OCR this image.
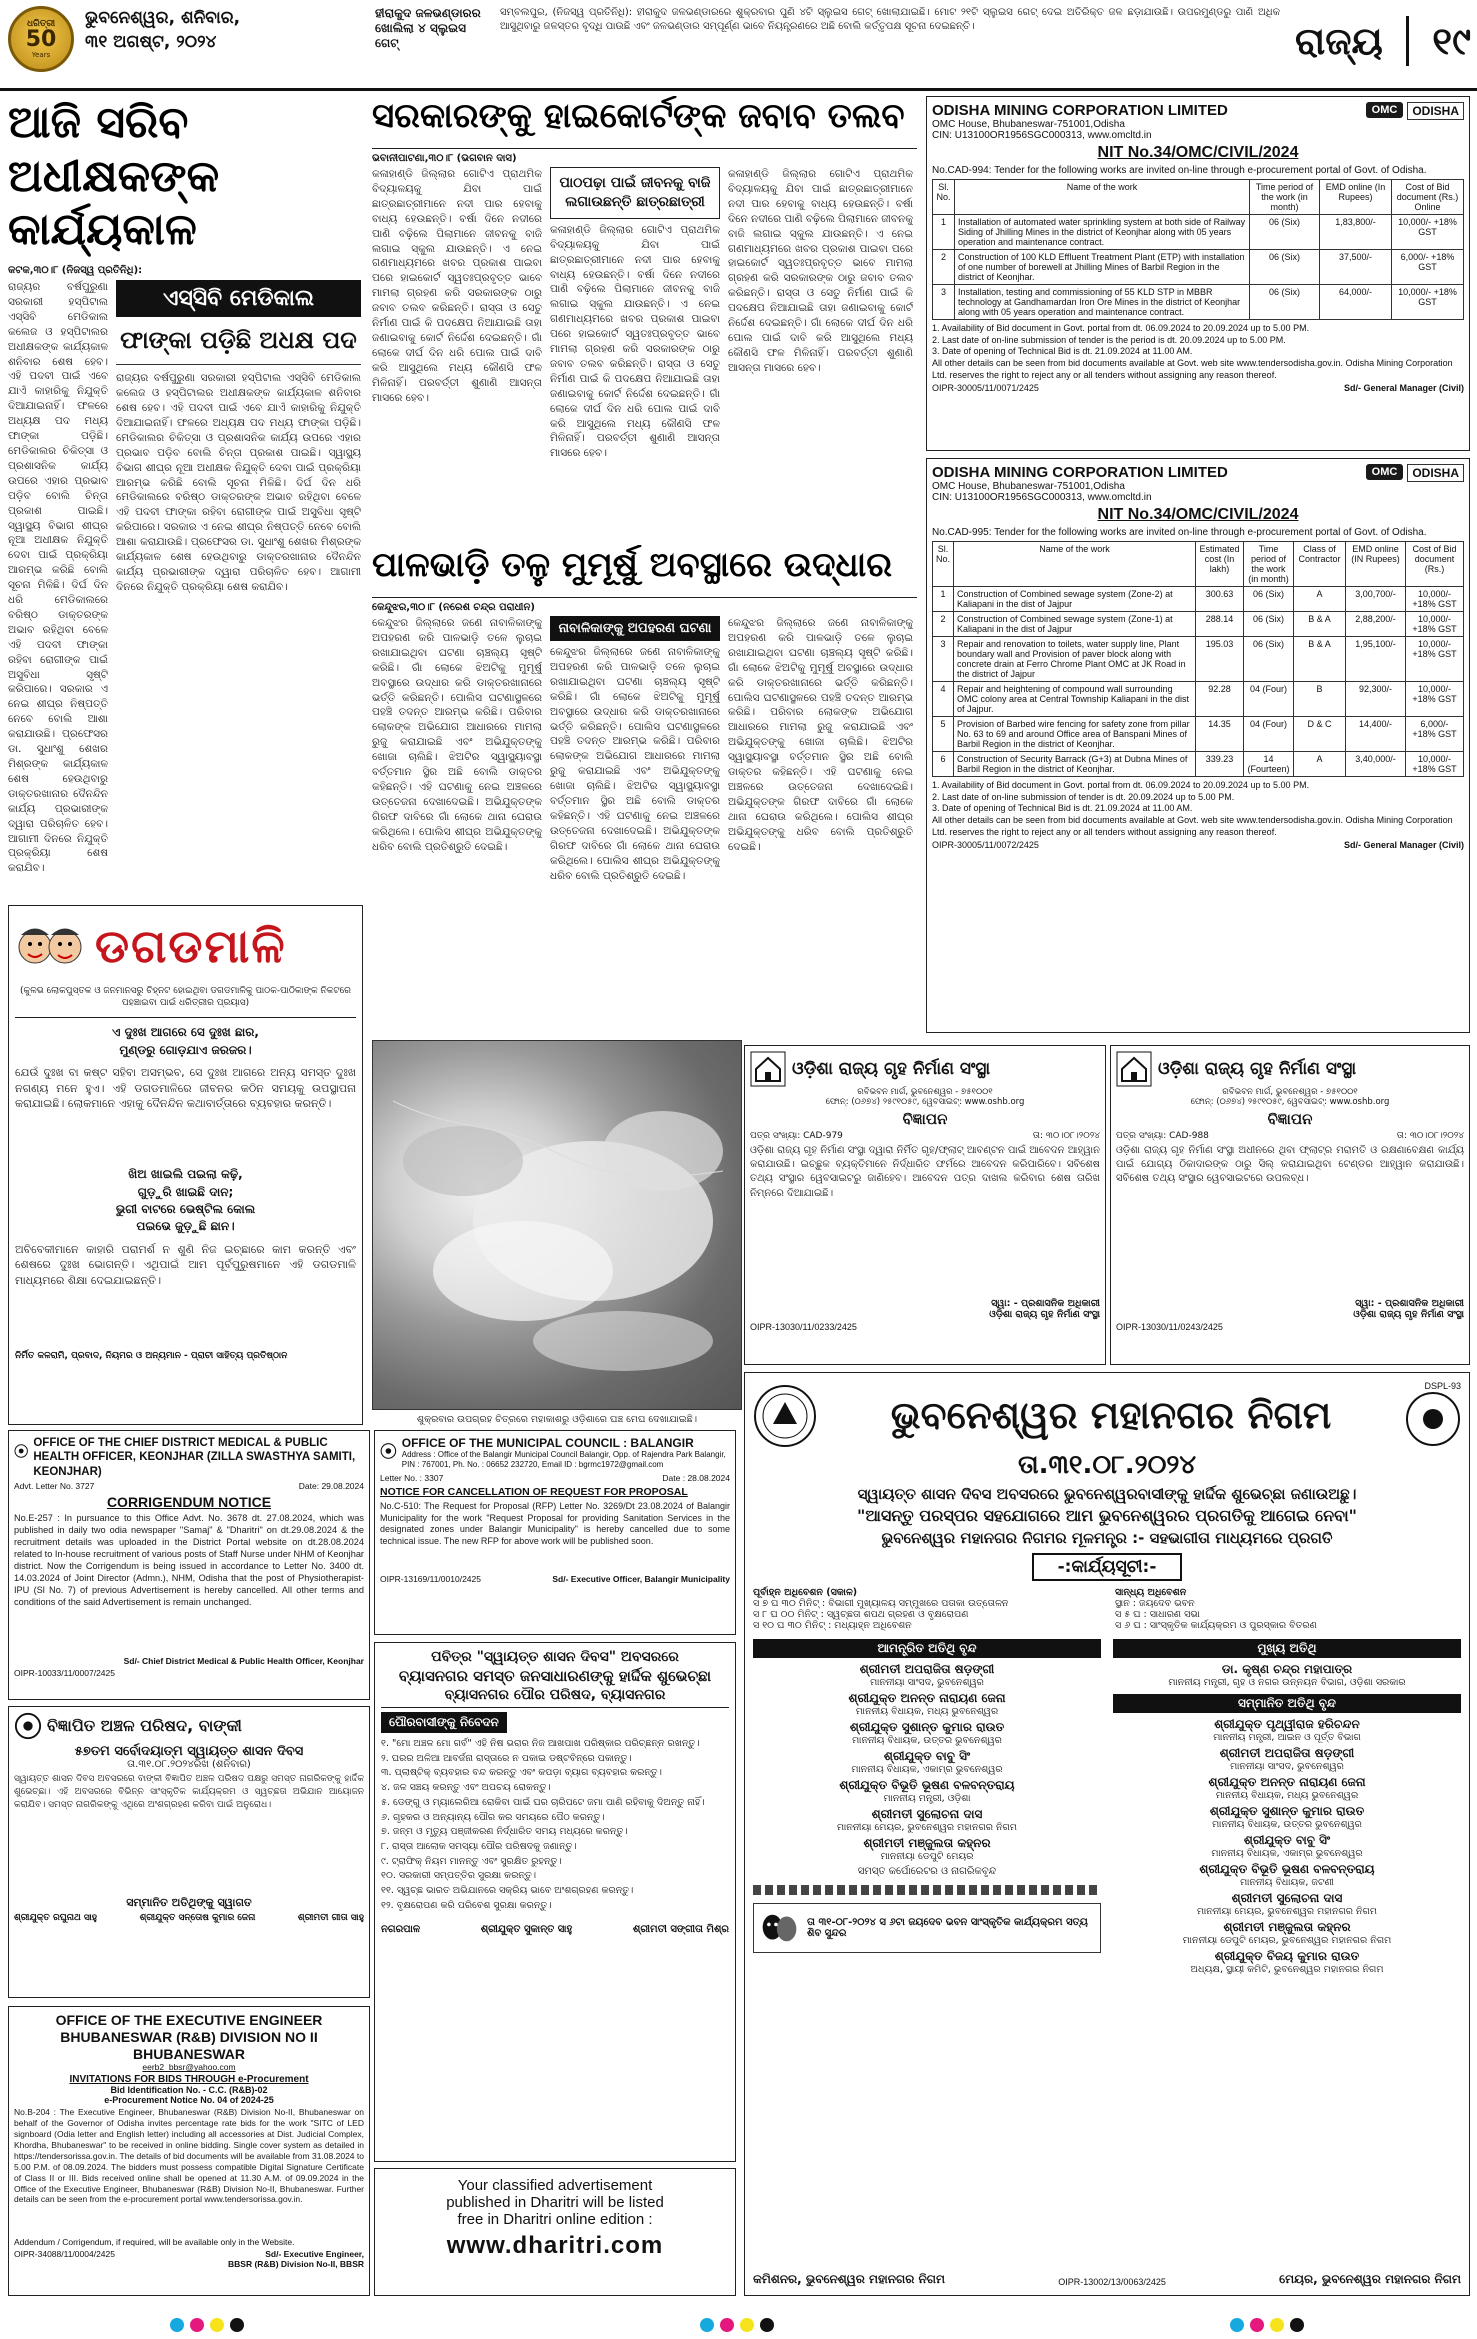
ଧରିତ୍ରୀ
50
Years
ଭୁବନେଶ୍ୱର, ଶନିବାର,
୩୧ ଅଗଷ୍ଟ, ୨୦୨୪
ହୀରାକୁଦ ଜଳଭଣ୍ଡାରର ଖୋଲିଲା ୪ ସ୍ଲୁଇସ ଗେଟ୍
ସମ୍ବଲପୁର, (ନିଜସ୍ୱ ପ୍ରତିନିଧି): ହୀରାକୁଦ ଜଳଭଣ୍ଡାରରେ ଶୁକ୍ରବାର ପୁଣି ୪ଟି ସ୍ଲୁଇସ ଗେଟ୍ ଖୋଲାଯାଇଛି। ମୋଟ ୨୧ଟି ସ୍ଲୁଇସ ଗେଟ୍ ଦେଇ ଅତିରିକ୍ତ ଜଳ ଛଡ଼ାଯାଉଛି। ଉପରମୁଣ୍ଡରୁ ପାଣି ଅଧିକ ଆସୁଥିବାରୁ ଜଳସ୍ତର ବୃଦ୍ଧି ପାଉଛି ଏବଂ ଜଳଭଣ୍ଡାର ସମ୍ପୂର୍ଣ୍ଣ ଭାବେ ନିୟନ୍ତ୍ରଣରେ ଅଛି ବୋଲି କର୍ତ୍ତୃପକ୍ଷ ସୂଚନା ଦେଇଛନ୍ତି।	ରାଜ୍ୟ ୧୯
ଆଜି ସରିବ ଅଧୀକ୍ଷକଙ୍କ କାର୍ଯ୍ୟକାଳ
କଟକ,୩୦।୮ (ନିଜସ୍ୱ ପ୍ରତିନିଧି):
ରାଜ୍ୟର ବର୍ଷପୁରୁଣା ସରକାରୀ ହସ୍ପିଟାଲ ଏସ୍‌ସିବି ମେଡିକାଲ କଲେଜ ଓ ହସ୍ପିଟାଲର ଅଧୀକ୍ଷକଙ୍କ କାର୍ଯ୍ୟକାଳ ଶନିବାର ଶେଷ ହେବ। ଏହି ପଦବୀ ପାଇଁ ଏବେ ଯାଏଁ କାହାରିକୁ ନିଯୁକ୍ତି ଦିଆଯାଇନାହିଁ। ଫଳରେ ଅଧ୍ୟକ୍ଷ ପଦ ମଧ୍ୟ ଫାଙ୍କା ପଡ଼ିଛି। ମେଡିକାଲର ଚିକିତ୍ସା ଓ ପ୍ରଶାସନିକ କାର୍ଯ୍ୟ ଉପରେ ଏହାର ପ୍ରଭାବ ପଡ଼ିବ ବୋଲି ଚିନ୍ତା ପ୍ରକାଶ ପାଇଛି। ସ୍ୱାସ୍ଥ୍ୟ ବିଭାଗ ଶୀଘ୍ର ନୂଆ ଅଧୀକ୍ଷକ ନିଯୁକ୍ତି ଦେବା ପାଇଁ ପ୍ରକ୍ରିୟା ଆରମ୍ଭ କରିଛି ବୋଲି ସୂଚନା ମିଳିଛି। ଦିର୍ଘ ଦିନ ଧରି ମେଡିକାଲରେ ବରିଷ୍ଠ ଡାକ୍ତରଙ୍କ ଅଭାବ ରହିଥିବା ବେଳେ ଏହି ପଦବୀ ଫାଙ୍କା ରହିବା ରୋଗୀଙ୍କ ପାଇଁ ଅସୁବିଧା ସୃଷ୍ଟି କରିପାରେ। ସରକାର ଏ ନେଇ ଶୀଘ୍ର ନିଷ୍ପତ୍ତି ନେବେ ବୋଲି ଆଶା କରାଯାଉଛି। ପ୍ରଫେସର ଡା. ସୁଧାଂଶୁ ଶେଖର ମିଶ୍ରଙ୍କ କାର୍ଯ୍ୟକାଳ ଶେଷ ହେଉଥିବାରୁ ଡାକ୍ତରଖାନାର ଦୈନନ୍ଦିନ କାର୍ଯ୍ୟ ପ୍ରଭାରୀଙ୍କ ଦ୍ୱାରା ପରିଚାଳିତ ହେବ। ଆଗାମୀ ଦିନରେ ନିଯୁକ୍ତି ପ୍ରକ୍ରିୟା ଶେଷ କରାଯିବ।
ଏସ୍‌ସିବି ମେଡିକାଲ
ଫାଙ୍କା ପଡ଼ିଛି ଅଧକ୍ଷ ପଦ
ରାଜ୍ୟର ବର୍ଷପୁରୁଣା ସରକାରୀ ହସ୍ପିଟାଲ ଏସ୍‌ସିବି ମେଡିକାଲ କଲେଜ ଓ ହସ୍ପିଟାଲର ଅଧୀକ୍ଷକଙ୍କ କାର୍ଯ୍ୟକାଳ ଶନିବାର ଶେଷ ହେବ। ଏହି ପଦବୀ ପାଇଁ ଏବେ ଯାଏଁ କାହାରିକୁ ନିଯୁକ୍ତି ଦିଆଯାଇନାହିଁ। ଫଳରେ ଅଧ୍ୟକ୍ଷ ପଦ ମଧ୍ୟ ଫାଙ୍କା ପଡ଼ିଛି। ମେଡିକାଲର ଚିକିତ୍ସା ଓ ପ୍ରଶାସନିକ କାର୍ଯ୍ୟ ଉପରେ ଏହାର ପ୍ରଭାବ ପଡ଼ିବ ବୋଲି ଚିନ୍ତା ପ୍ରକାଶ ପାଇଛି। ସ୍ୱାସ୍ଥ୍ୟ ବିଭାଗ ଶୀଘ୍ର ନୂଆ ଅଧୀକ୍ଷକ ନିଯୁକ୍ତି ଦେବା ପାଇଁ ପ୍ରକ୍ରିୟା ଆରମ୍ଭ କରିଛି ବୋଲି ସୂଚନା ମିଳିଛି। ଦିର୍ଘ ଦିନ ଧରି ମେଡିକାଲରେ ବରିଷ୍ଠ ଡାକ୍ତରଙ୍କ ଅଭାବ ରହିଥିବା ବେଳେ ଏହି ପଦବୀ ଫାଙ୍କା ରହିବା ରୋଗୀଙ୍କ ପାଇଁ ଅସୁବିଧା ସୃଷ୍ଟି କରିପାରେ। ସରକାର ଏ ନେଇ ଶୀଘ୍ର ନିଷ୍ପତ୍ତି ନେବେ ବୋଲି ଆଶା କରାଯାଉଛି। ପ୍ରଫେସର ଡା. ସୁଧାଂଶୁ ଶେଖର ମିଶ୍ରଙ୍କ କାର୍ଯ୍ୟକାଳ ଶେଷ ହେଉଥିବାରୁ ଡାକ୍ତରଖାନାର ଦୈନନ୍ଦିନ କାର୍ଯ୍ୟ ପ୍ରଭାରୀଙ୍କ ଦ୍ୱାରା ପରିଚାଳିତ ହେବ। ଆଗାମୀ ଦିନରେ ନିଯୁକ୍ତି ପ୍ରକ୍ରିୟା ଶେଷ କରାଯିବ।
ସରକାରଙ୍କୁ ହାଇକୋର୍ଟଙ୍କ ଜବାବ ତଲବ
ଭବାନୀପାଟଣା,୩୦।୮ (ଭଗବାନ ଦାସ)
କଳାହାଣ୍ଡି ଜିଲ୍ଲାର ଗୋଟିଏ ପ୍ରାଥମିକ ବିଦ୍ୟାଳୟକୁ ଯିବା ପାଇଁ ଛାତ୍ରଛାତ୍ରୀମାନେ ନଦୀ ପାର ହେବାକୁ ବାଧ୍ୟ ହେଉଛନ୍ତି। ବର୍ଷା ଦିନେ ନଦୀରେ ପାଣି ବଢ଼ିଲେ ପିଲାମାନେ ଜୀବନକୁ ବାଜି ଲଗାଇ ସ୍କୁଲ ଯାଉଛନ୍ତି। ଏ ନେଇ ଗଣମାଧ୍ୟମରେ ଖବର ପ୍ରକାଶ ପାଇବା ପରେ ହାଇକୋର୍ଟ ସ୍ୱତଃପ୍ରବୃତ୍ତ ଭାବେ ମାମଲା ଗ୍ରହଣ କରି ସରକାରଙ୍କ ଠାରୁ ଜବାବ ତଲବ କରିଛନ୍ତି। ରାସ୍ତା ଓ ସେତୁ ନିର୍ମାଣ ପାଇଁ କି ପଦକ୍ଷେପ ନିଆଯାଇଛି ତାହା ଜଣାଇବାକୁ କୋର୍ଟ ନିର୍ଦ୍ଦେଶ ଦେଇଛନ୍ତି। ଗାଁ ଲୋକେ ଦୀର୍ଘ ଦିନ ଧରି ପୋଲ ପାଇଁ ଦାବି କରି ଆସୁଥିଲେ ମଧ୍ୟ କୌଣସି ଫଳ ମିଳିନାହିଁ। ପରବର୍ତ୍ତୀ ଶୁଣାଣି ଆସନ୍ତା ମାସରେ ହେବ।
ପାଠପଢ଼ା ପାଇଁ ଜୀବନକୁ ବାଜି ଲଗାଉଛନ୍ତି ଛାତ୍ରଛାତ୍ରୀ
କଳାହାଣ୍ଡି ଜିଲ୍ଲାର ଗୋଟିଏ ପ୍ରାଥମିକ ବିଦ୍ୟାଳୟକୁ ଯିବା ପାଇଁ ଛାତ୍ରଛାତ୍ରୀମାନେ ନଦୀ ପାର ହେବାକୁ ବାଧ୍ୟ ହେଉଛନ୍ତି। ବର୍ଷା ଦିନେ ନଦୀରେ ପାଣି ବଢ଼ିଲେ ପିଲାମାନେ ଜୀବନକୁ ବାଜି ଲଗାଇ ସ୍କୁଲ ଯାଉଛନ୍ତି। ଏ ନେଇ ଗଣମାଧ୍ୟମରେ ଖବର ପ୍ରକାଶ ପାଇବା ପରେ ହାଇକୋର୍ଟ ସ୍ୱତଃପ୍ରବୃତ୍ତ ଭାବେ ମାମଲା ଗ୍ରହଣ କରି ସରକାରଙ୍କ ଠାରୁ ଜବାବ ତଲବ କରିଛନ୍ତି। ରାସ୍ତା ଓ ସେତୁ ନିର୍ମାଣ ପାଇଁ କି ପଦକ୍ଷେପ ନିଆଯାଇଛି ତାହା ଜଣାଇବାକୁ କୋର୍ଟ ନିର୍ଦ୍ଦେଶ ଦେଇଛନ୍ତି। ଗାଁ ଲୋକେ ଦୀର୍ଘ ଦିନ ଧରି ପୋଲ ପାଇଁ ଦାବି କରି ଆସୁଥିଲେ ମଧ୍ୟ କୌଣସି ଫଳ ମିଳିନାହିଁ। ପରବର୍ତ୍ତୀ ଶୁଣାଣି ଆସନ୍ତା ମାସରେ ହେବ।
କଳାହାଣ୍ଡି ଜିଲ୍ଲାର ଗୋଟିଏ ପ୍ରାଥମିକ ବିଦ୍ୟାଳୟକୁ ଯିବା ପାଇଁ ଛାତ୍ରଛାତ୍ରୀମାନେ ନଦୀ ପାର ହେବାକୁ ବାଧ୍ୟ ହେଉଛନ୍ତି। ବର୍ଷା ଦିନେ ନଦୀରେ ପାଣି ବଢ଼ିଲେ ପିଲାମାନେ ଜୀବନକୁ ବାଜି ଲଗାଇ ସ୍କୁଲ ଯାଉଛନ୍ତି। ଏ ନେଇ ଗଣମାଧ୍ୟମରେ ଖବର ପ୍ରକାଶ ପାଇବା ପରେ ହାଇକୋର୍ଟ ସ୍ୱତଃପ୍ରବୃତ୍ତ ଭାବେ ମାମଲା ଗ୍ରହଣ କରି ସରକାରଙ୍କ ଠାରୁ ଜବାବ ତଲବ କରିଛନ୍ତି। ରାସ୍ତା ଓ ସେତୁ ନିର୍ମାଣ ପାଇଁ କି ପଦକ୍ଷେପ ନିଆଯାଇଛି ତାହା ଜଣାଇବାକୁ କୋର୍ଟ ନିର୍ଦ୍ଦେଶ ଦେଇଛନ୍ତି। ଗାଁ ଲୋକେ ଦୀର୍ଘ ଦିନ ଧରି ପୋଲ ପାଇଁ ଦାବି କରି ଆସୁଥିଲେ ମଧ୍ୟ କୌଣସି ଫଳ ମିଳିନାହିଁ। ପରବର୍ତ୍ତୀ ଶୁଣାଣି ଆସନ୍ତା ମାସରେ ହେବ।
ପାଳଭାଡ଼ି ତଳୁ ମୁମୂର୍ଷୁ ଅବସ୍ଥାରେ ଉଦ୍ଧାର
କେନ୍ଦୁଝର,୩୦।୮ (ନରେଶ ଚନ୍ଦ୍ର ପରାଧୀନ)
କେନ୍ଦୁଝର ଜିଲ୍ଲାରେ ଜଣେ ନାବାଳିକାଙ୍କୁ ଅପହରଣ କରି ପାଳଭାଡ଼ି ତଳେ ଲୁଚାଇ ରଖାଯାଇଥିବା ଘଟଣା ଚାଞ୍ଚଲ୍ୟ ସୃଷ୍ଟି କରିଛି। ଗାଁ ଲୋକେ ଝିଅଟିକୁ ମୁମୂର୍ଷୁ ଅବସ୍ଥାରେ ଉଦ୍ଧାର କରି ଡାକ୍ତରଖାନାରେ ଭର୍ତ୍ତି କରିଛନ୍ତି। ପୋଲିସ ଘଟଣାସ୍ଥଳରେ ପହଞ୍ଚି ତଦନ୍ତ ଆରମ୍ଭ କରିଛି। ପରିବାର ଲୋକଙ୍କ ଅଭିଯୋଗ ଆଧାରରେ ମାମଲା ରୁଜୁ କରାଯାଇଛି ଏବଂ ଅଭିଯୁକ୍ତଙ୍କୁ ଖୋଜା ଚାଲିଛି। ଝିଅଟିର ସ୍ୱାସ୍ଥ୍ୟାବସ୍ଥା ବର୍ତ୍ତମାନ ସ୍ଥିର ଅଛି ବୋଲି ଡାକ୍ତର କହିଛନ୍ତି। ଏହି ଘଟଣାକୁ ନେଇ ଅଞ୍ଚଳରେ ଉତ୍ତେଜନା ଦେଖାଦେଇଛି। ଅଭିଯୁକ୍ତଙ୍କ ଗିରଫ ଦାବିରେ ଗାଁ ଲୋକେ ଥାନା ଘେରାଉ କରିଥିଲେ। ପୋଲିସ ଶୀଘ୍ର ଅଭିଯୁକ୍ତଙ୍କୁ ଧରିବ ବୋଲି ପ୍ରତିଶ୍ରୁତି ଦେଇଛି।
ନାବାଳିକାଙ୍କୁ ଅପହରଣ ଘଟଣା
କେନ୍ଦୁଝର ଜିଲ୍ଲାରେ ଜଣେ ନାବାଳିକାଙ୍କୁ ଅପହରଣ କରି ପାଳଭାଡ଼ି ତଳେ ଲୁଚାଇ ରଖାଯାଇଥିବା ଘଟଣା ଚାଞ୍ଚଲ୍ୟ ସୃଷ୍ଟି କରିଛି। ଗାଁ ଲୋକେ ଝିଅଟିକୁ ମୁମୂର୍ଷୁ ଅବସ୍ଥାରେ ଉଦ୍ଧାର କରି ଡାକ୍ତରଖାନାରେ ଭର୍ତ୍ତି କରିଛନ୍ତି। ପୋଲିସ ଘଟଣାସ୍ଥଳରେ ପହଞ୍ଚି ତଦନ୍ତ ଆରମ୍ଭ କରିଛି। ପରିବାର ଲୋକଙ୍କ ଅଭିଯୋଗ ଆଧାରରେ ମାମଲା ରୁଜୁ କରାଯାଇଛି ଏବଂ ଅଭିଯୁକ୍ତଙ୍କୁ ଖୋଜା ଚାଲିଛି। ଝିଅଟିର ସ୍ୱାସ୍ଥ୍ୟାବସ୍ଥା ବର୍ତ୍ତମାନ ସ୍ଥିର ଅଛି ବୋଲି ଡାକ୍ତର କହିଛନ୍ତି। ଏହି ଘଟଣାକୁ ନେଇ ଅଞ୍ଚଳରେ ଉତ୍ତେଜନା ଦେଖାଦେଇଛି। ଅଭିଯୁକ୍ତଙ୍କ ଗିରଫ ଦାବିରେ ଗାଁ ଲୋକେ ଥାନା ଘେରାଉ କରିଥିଲେ। ପୋଲିସ ଶୀଘ୍ର ଅଭିଯୁକ୍ତଙ୍କୁ ଧରିବ ବୋଲି ପ୍ରତିଶ୍ରୁତି ଦେଇଛି।
କେନ୍ଦୁଝର ଜିଲ୍ଲାରେ ଜଣେ ନାବାଳିକାଙ୍କୁ ଅପହରଣ କରି ପାଳଭାଡ଼ି ତଳେ ଲୁଚାଇ ରଖାଯାଇଥିବା ଘଟଣା ଚାଞ୍ଚଲ୍ୟ ସୃଷ୍ଟି କରିଛି। ଗାଁ ଲୋକେ ଝିଅଟିକୁ ମୁମୂର୍ଷୁ ଅବସ୍ଥାରେ ଉଦ୍ଧାର କରି ଡାକ୍ତରଖାନାରେ ଭର୍ତ୍ତି କରିଛନ୍ତି। ପୋଲିସ ଘଟଣାସ୍ଥଳରେ ପହଞ୍ଚି ତଦନ୍ତ ଆରମ୍ଭ କରିଛି। ପରିବାର ଲୋକଙ୍କ ଅଭିଯୋଗ ଆଧାରରେ ମାମଲା ରୁଜୁ କରାଯାଇଛି ଏବଂ ଅଭିଯୁକ୍ତଙ୍କୁ ଖୋଜା ଚାଲିଛି। ଝିଅଟିର ସ୍ୱାସ୍ଥ୍ୟାବସ୍ଥା ବର୍ତ୍ତମାନ ସ୍ଥିର ଅଛି ବୋଲି ଡାକ୍ତର କହିଛନ୍ତି। ଏହି ଘଟଣାକୁ ନେଇ ଅଞ୍ଚଳରେ ଉତ୍ତେଜନା ଦେଖାଦେଇଛି। ଅଭିଯୁକ୍ତଙ୍କ ଗିରଫ ଦାବିରେ ଗାଁ ଲୋକେ ଥାନା ଘେରାଉ କରିଥିଲେ। ପୋଲିସ ଶୀଘ୍ର ଅଭିଯୁକ୍ତଙ୍କୁ ଧରିବ ବୋଲି ପ୍ରତିଶ୍ରୁତି ଦେଇଛି।
ଡଗଡମାଳି
(କୁଳଭ ଲୋକପୁସ୍ତକ ଓ ଜନମାନସରୁ ଚିହ୍ନଟ ହୋଇଥିବା ଡଗଡମାଳିକୁ ପାଠକ-ପାଠିକାଙ୍କ ନିକଟରେ ପହଞ୍ଚାଇବା ପାଇଁ ଧରିତ୍ରୀର ପ୍ରୟାସ)
ଏ ଦୁଃଖ ଆଗରେ ସେ ଦୁଃଖ ଛାର,
ମୁଣ୍ଡରୁ ଗୋଡ଼ଯାଏ ଜରଜର।
ଯେଉଁ ଦୁଃଖ ବା କଷ୍ଟ ସହିବା ଅସମ୍ଭବ, ସେ ଦୁଃଖ ଆଗରେ ଅନ୍ୟ ସମସ୍ତ ଦୁଃଖ ନଗଣ୍ୟ ମନେ ହୁଏ। ଏହି ଡଗଡମାଳିରେ ଜୀବନର କଠିନ ସମୟକୁ ଉପସ୍ଥାପନା କରାଯାଇଛି। ଲୋକମାନେ ଏହାକୁ ଦୈନନ୍ଦିନ କଥାବାର୍ତ୍ତାରେ ବ୍ୟବହାର କରନ୍ତି।
ଖିଅ ଖାଇଲି ପଇଲା କଢ଼ି,
ଗୁଡ଼ୁରି ଖାଇଛି ଦାନ;
ଭୁଗୀ ବାଟରେ ଭେଷ୍ଟିଲ କୋଲ
ପଇଭେ ଜୁଡ଼ୁଛି ଛାନ।
ଅବିବେକୀମାନେ କାହାରି ପରାମର୍ଶ ନ ଶୁଣି ନିଜ ଇଚ୍ଛାରେ କାମ କରନ୍ତି ଏବଂ ଶେଷରେ ଦୁଃଖ ଭୋଗନ୍ତି। ଏଥିପାଇଁ ଆମ ପୂର୍ବପୁରୁଷମାନେ ଏହି ଡଗଡମାଳି ମାଧ୍ୟମରେ ଶିକ୍ଷା ଦେଇଯାଇଛନ୍ତି।
ନିର୍ମିତ କଳରାମି, ପ୍ରବାଦ, ନିୟମର ଓ ଅନ୍ୟମାନ - ପ୍ରାଚୀ ସାହିତ୍ୟ ପ୍ରତିଷ୍ଠାନ
ଶୁକ୍ରବାର ଉପଗ୍ରହ ଚିତ୍ରରେ ମହାକାଶରୁ ଓଡ଼ିଶାରେ ଘଞ୍ଚ ମେଘ ଦେଖାଯାଇଛି।
ODISHA MINING CORPORATION LIMITED
OMC House, Bhubaneswar-751001,Odisha
CIN: U13100OR1956SGC000313, www.omcltd.in
OMC	ODISHA
NIT No.34/OMC/CIVIL/2024
No.CAD-994: Tender for the following works are invited on-line through e-procurement portal of Govt. of Odisha.
Sl. No.	Name of the work	Time period of the work (in month)	EMD online (In Rupees)	Cost of Bid document (Rs.) Online
1	Installation of automated water sprinkling system at both side of Railway Siding of Jhilling Mines in the district of Keonjhar along with 05 years operation and maintenance contract.	06 (Six)	1,83,800/-	10,000/- +18% GST
2	Construction of 100 KLD Effluent Treatment Plant (ETP) with installation of one number of borewell at Jhilling Mines of Barbil Region in the district of Keonjhar.	06 (Six)	37,500/-	6,000/- +18% GST
3	Installation, testing and commissioning of 55 KLD STP in MBBR technology at Gandhamardan Iron Ore Mines in the district of Keonjhar along with 05 years operation and maintenance contract.	06 (Six)	64,000/-	10,000/- +18% GST
1. Availability of Bid document in Govt. portal from dt. 06.09.2024 to 20.09.2024 up to 5.00 PM.
2. Last date of on-line submission of tender is the period is dt. 20.09.2024 up to 5.00 PM.
3. Date of opening of Technical Bid is dt. 21.09.2024 at 11.00 AM.
All other details can be seen from bid documents available at Govt. web site www.tendersodisha.gov.in. Odisha Mining Corporation Ltd. reserves the right to reject any or all tenders without assigning any reason thereof.
OIPR-30005/11/0071/2425	Sd/- General Manager (Civil)
ODISHA MINING CORPORATION LIMITED
OMC House, Bhubaneswar-751001,Odisha
CIN: U13100OR1956SGC000313, www.omcltd.in
OMC	ODISHA
NIT No.34/OMC/CIVIL/2024
No.CAD-995: Tender for the following works are invited on-line through e-procurement portal of Govt. of Odisha.
Sl. No.	Name of the work	Estimated cost (In lakh)	Time period of the work (in month)	Class of Contractor	EMD online (IN Rupees)	Cost of Bid document (Rs.)
1	Construction of Combined sewage system (Zone-2) at Kaliapani in the dist of Jajpur	300.63	06 (Six)	A	3,00,700/-	10,000/- +18% GST
2	Construction of Combined sewage system (Zone-1) at Kaliapani in the dist of Jajpur	288.14	06 (Six)	B & A	2,88,200/-	10,000/- +18% GST
3	Repair and renovation to toilets, water supply line, Plant boundary wall and Provision of paver block along with concrete drain at Ferro Chrome Plant OMC at JK Road in the district of Jajpur	195.03	06 (Six)	B & A	1,95,100/-	10,000/- +18% GST
4	Repair and heightening of compound wall surrounding OMC colony area at Central Township Kaliapani in the dist of Jajpur.	92.28	04 (Four)	B	92,300/-	10,000/- +18% GST
5	Provision of Barbed wire fencing for safety zone from pillar No. 63 to 69 and around Office area of Banspani Mines of Barbil Region in the district of Keonjhar.	14.35	04 (Four)	D & C	14,400/-	6,000/- +18% GST
6	Construction of Security Barrack (G+3) at Dubna Mines of Barbil Region in the district of Keonjhar.	339.23	14 (Fourteen)	A	3,40,000/-	10,000/- +18% GST
1. Availability of Bid document in Govt. portal from dt. 06.09.2024 to 20.09.2024 up to 5.00 PM.
2. Last date of on-line submission of tender is dt. 20.09.2024 up to 5.00 PM.
3. Date of opening of Technical Bid is dt. 21.09.2024 at 11.00 AM.
All other details can be seen from bid documents available at Govt. web site www.tendersodisha.gov.in. Odisha Mining Corporation Ltd. reserves the right to reject any or all tenders without assigning any reason thereof.
OIPR-30005/11/0072/2425	Sd/- General Manager (Civil)
ଓଡ଼ିଶା ରାଜ୍ୟ ଗୃହ ନିର୍ମାଣ ସଂସ୍ଥା
ରବିଭବନ ମାର୍ଗ, ଭୁବନେଶ୍ୱର - ୭୫୧୦୦୧
ଫୋନ୍: (୦୬୭୪) ୨୫୯୧୦୫୯, ୱେବସାଇଟ୍: www.oshb.org
ବିଜ୍ଞାପନ
ପତ୍ର ସଂଖ୍ୟା: CAD-979	ତା: ୩୦।୦୮।୨୦୨୪
ଓଡ଼ିଶା ରାଜ୍ୟ ଗୃହ ନିର୍ମାଣ ସଂସ୍ଥା ଦ୍ୱାରା ନିର୍ମିତ ଗୃହ/ଫ୍ଲାଟ୍ ଆବଣ୍ଟନ ପାଇଁ ଆବେଦନ ଆହ୍ୱାନ କରାଯାଉଛି। ଇଚ୍ଛୁକ ବ୍ୟକ୍ତିମାନେ ନିର୍ଦ୍ଧାରିତ ଫର୍ମରେ ଆବେଦନ କରିପାରିବେ। ସବିଶେଷ ତଥ୍ୟ ସଂସ୍ଥାର ୱେବସାଇଟରୁ ଜାଣିହେବ। ଆବେଦନ ପତ୍ର ଦାଖଲ କରିବାର ଶେଷ ତାରିଖ ନିମ୍ନରେ ଦିଆଯାଇଛି।
ସ୍ୱା: - ପ୍ରଶାସନିକ ଅଧିକାରୀ
ଓଡ଼ିଶା ରାଜ୍ୟ ଗୃହ ନିର୍ମାଣ ସଂସ୍ଥା
OIPR-13030/11/0233/2425
ଓଡ଼ିଶା ରାଜ୍ୟ ଗୃହ ନିର୍ମାଣ ସଂସ୍ଥା
ରବିଭବନ ମାର୍ଗ, ଭୁବନେଶ୍ୱର - ୭୫୧୦୦୧
ଫୋନ୍: (୦୬୭୪) ୨୫୯୧୦୫୯, ୱେବସାଇଟ୍: www.oshb.org
ବିଜ୍ଞାପନ
ପତ୍ର ସଂଖ୍ୟା: CAD-988	ତା: ୩୦।୦୮।୨୦୨୪
ଓଡ଼ିଶା ରାଜ୍ୟ ଗୃହ ନିର୍ମାଣ ସଂସ୍ଥା ଅଧୀନରେ ଥିବା ଫ୍ଲାଟ୍‌ର ମରାମତି ଓ ରକ୍ଷଣାବେକ୍ଷଣ କାର୍ଯ୍ୟ ପାଇଁ ଯୋଗ୍ୟ ଠିକାଦାରଙ୍କ ଠାରୁ ସିଲ୍ କରାଯାଇଥିବା ଟେଣ୍ଡର ଆହ୍ୱାନ କରାଯାଉଛି। ସବିଶେଷ ତଥ୍ୟ ସଂସ୍ଥାର ୱେବସାଇଟରେ ଉପଲବ୍ଧ।
ସ୍ୱା: - ପ୍ରଶାସନିକ ଅଧିକାରୀ
ଓଡ଼ିଶା ରାଜ୍ୟ ଗୃହ ନିର୍ମାଣ ସଂସ୍ଥା
OIPR-13030/11/0243/2425
OFFICE OF THE CHIEF DISTRICT MEDICAL & PUBLIC HEALTH OFFICER, KEONJHAR (ZILLA SWASTHYA SAMITI, KEONJHAR)
Advt. Letter No. 3727	Date: 29.08.2024
CORRIGENDUM NOTICE
No.E-257 : In pursuance to this Office Advt. No. 3678 dt. 27.08.2024, which was published in daily two odia newspaper "Samaj" & "Dharitri" on dt.29.08.2024 & the recruitment details was uploaded in the District Portal website on dt.28.08.2024 related to In-house recruitment of various posts of Staff Nurse under NHM of Keonjhar district. Now the Corrigendum is being issued in accordance to Letter No. 3400 dt. 14.03.2024 of Joint Director (Admn.), NHM, Odisha that the post of Physiotherapist-IPU (Sl No. 7) of previous Advertisement is hereby cancelled. All other terms and conditions of the said Advertisement is remain unchanged.
Sd/- Chief District Medical & Public Health Officer, Keonjhar
OIPR-10033/11/0007/2425
OFFICE OF THE MUNICIPAL COUNCIL : BALANGIR
Address : Office of the Balangir Municipal Council Balangir, Opp. of Rajendra Park Balangir, PIN : 767001, Ph. No. : 06652 232720, Email ID : bgrmc1972@gmail.com
Letter No. : 3307	Date : 28.08.2024
NOTICE FOR CANCELLATION OF REQUEST FOR PROPOSAL
No.C-510: The Request for Proposal (RFP) Letter No. 3269/Dt 23.08.2024 of Balangir Municipality for the work "Request Proposal for providing Sanitation Services in the designated zones under Balangir Municipality" is hereby cancelled due to some technical issue. The new RFP for above work will be published soon.
OIPR-13169/11/0010/2425	Sd/- Executive Officer, Balangir Municipality
ବିଜ୍ଞାପିତ ଅଞ୍ଚଳ ପରିଷଦ, ବାଙ୍କୀ
୫୭ତମ ସର୍ବୋଦୟାତ୍ମ ସ୍ୱାୟତ୍ତ ଶାସନ ଦିବସ
ତା.୩୧.୦୮.୨୦୨୪ରିଖ (ଶନିବାର)
ସ୍ୱାୟତ୍ତ ଶାସନ ଦିବସ ଅବସରରେ ବାଙ୍କୀ ବିଜ୍ଞାପିତ ଅଞ୍ଚଳ ପରିଷଦ ପକ୍ଷରୁ ସମସ୍ତ ନାଗରିକଙ୍କୁ ହାର୍ଦ୍ଦିକ ଶୁଭେଚ୍ଛା। ଏହି ଅବସରରେ ବିଭିନ୍ନ ସାଂସ୍କୃତିକ କାର୍ଯ୍ୟକ୍ରମ ଓ ସ୍ୱଚ୍ଛତା ଅଭିଯାନ ଆୟୋଜନ କରାଯିବ। ସମସ୍ତ ନାଗରିକଙ୍କୁ ଏଥିରେ ଅଂଶଗ୍ରହଣ କରିବା ପାଇଁ ଅନୁରୋଧ।
ସମ୍ମାନିତ ଅତିଥିଙ୍କୁ ସ୍ୱାଗତ
ଶ୍ରୀଯୁକ୍ତ ରଘୁନାଥ ସାହୁ	ଶ୍ରୀଯୁକ୍ତ ସନ୍ତୋଷ କୁମାର ଜେନା	ଶ୍ରୀମତୀ ଗୀତା ସାହୁ
OFFICE OF THE EXECUTIVE ENGINEER BHUBANESWAR (R&B) DIVISION NO II BHUBANESWAR
eerb2_bbsr@yahoo.com
INVITATIONS FOR BIDS THROUGH e-Procurement
Bid Identification No. - C.C. (R&B)-02
e-Procurement Notice No. 04 of 2024-25
No.B-204 : The Executive Engineer, Bhubaneswar (R&B) Division No-II, Bhubaneswar on behalf of the Governor of Odisha invites percentage rate bids for the work "SITC of LED signboard (Odia letter and English letter) including all accessories at Dist. Judicial Complex, Khordha, Bhubaneswar" to be received in online bidding. Single cover system as detailed in https://tendersorissa.gov.in. The details of bid documents will be available from 31.08.2024 to 5.00 P.M. of 08.09.2024. The bidders must possess compatible Digital Signature Certificate of Class II or III. Bids received online shall be opened at 11.30 A.M. of 09.09.2024 in the Office of the Executive Engineer, Bhubaneswar (R&B) Division No-II, Bhubaneswar. Further details can be seen from the e-procurement portal www.tendersorissa.gov.in.
Addendum / Corrigendum, if required, will be available only in the Website.
OIPR-34088/11/0004/2425	Sd/- Executive Engineer,
BBSR (R&B) Division No-II, BBSR
ପବିତ୍ର "ସ୍ୱାୟତ୍ତ ଶାସନ ଦିବସ" ଅବସରରେ
ବ୍ୟାସନଗର ସମସ୍ତ ଜନସାଧାରଣଙ୍କୁ ହାର୍ଦ୍ଦିକ ଶୁଭେଚ୍ଛା
ବ୍ୟାସନଗର ପୌର ପରିଷଦ, ବ୍ୟାସନଗର
ପୌରବାସୀଙ୍କୁ ନିବେଦନ
୧. "ମୋ ଅଞ୍ଚଳ ମୋ ଗର୍ବ" ଏହି ନିଷ ଭରାର ନିଜ ଆଖପାଖ ପରିଷ୍କାର ପରିଚ୍ଛନ୍ନ ରଖନ୍ତୁ।
୨. ଘରର ଅଳିଆ ଆବର୍ଜନା ରାସ୍ତାରେ ନ ପକାଇ ଡଷ୍ଟବିନ୍‌ରେ ପକାନ୍ତୁ।
୩. ପ୍ଲାଷ୍ଟିକ୍ ବ୍ୟବହାର ବନ୍ଦ କରନ୍ତୁ ଏବଂ କପଡ଼ା ବ୍ୟାଗ ବ୍ୟବହାର କରନ୍ତୁ।
୪. ଜଳ ସଞ୍ଚୟ କରନ୍ତୁ ଏବଂ ଅପଚୟ ରୋକନ୍ତୁ।
୫. ଡେଙ୍ଗୁ ଓ ମ୍ୟାଲେରିଆ ରୋକିବା ପାଇଁ ଘର ଚାରିପଟେ ଜମା ପାଣି ରହିବାକୁ ଦିଅନ୍ତୁ ନାହିଁ।
୬. ଗୃହକର ଓ ଅନ୍ୟାନ୍ୟ ପୌର କର ସମୟରେ ପୈଠ କରନ୍ତୁ।
୭. ଜନ୍ମ ଓ ମୃତ୍ୟୁ ପଞ୍ଜୀକରଣ ନିର୍ଦ୍ଧାରିତ ସମୟ ମଧ୍ୟରେ କରନ୍ତୁ।
୮. ରାସ୍ତା ଆଲୋକ ସମସ୍ୟା ପୌର ପରିଷଦକୁ ଜଣାନ୍ତୁ।
୯. ଟ୍ରାଫିକ୍ ନିୟମ ମାନନ୍ତୁ ଏବଂ ସୁରକ୍ଷିତ ରୁହନ୍ତୁ।
୧୦. ସରକାରୀ ସମ୍ପତ୍ତିର ସୁରକ୍ଷା କରନ୍ତୁ।
୧୧. ସ୍ୱଚ୍ଛ ଭାରତ ଅଭିଯାନରେ ସକ୍ରିୟ ଭାବେ ଅଂଶଗ୍ରହଣ କରନ୍ତୁ।
୧୨. ବୃକ୍ଷରୋପଣ କରି ପରିବେଶ ସୁରକ୍ଷା କରନ୍ତୁ।
ନଗରପାଳ	ଶ୍ରୀଯୁକ୍ତ ସୁକାନ୍ତ ସାହୁ	ଶ୍ରୀମତୀ ସଙ୍ଗୀତା ମିଶ୍ର
Your classified advertisement
published in Dharitri will be listed
free in Dharitri online edition :
www.dharitri.com
ଭୁବନେଶ୍ୱର ମହାନଗର ନିଗମ
DSPL-93
ତା.୩୧.୦୮.୨୦୨୪
ସ୍ୱାୟତ୍ତ ଶାସନ ଦିବସ ଅବସରରେ ଭୁବନେଶ୍ୱରବାସୀଙ୍କୁ ହାର୍ଦ୍ଦିକ ଶୁଭେଚ୍ଛା ଜଣାଉଅଛୁ।
"ଆସନ୍ତୁ ପରସ୍ପର ସହଯୋଗରେ ଆମ ଭୁବନେଶ୍ୱରର ପ୍ରଗତିକୁ ଆଗେଇ ନେବା"
ଭୁବନେଶ୍ୱର ମହାନଗର ନିଗମର ମୂଳମନ୍ତ୍ର :- ସହଭାଗୀତା ମାଧ୍ୟମରେ ପ୍ରଗତି
-:କାର୍ଯ୍ୟସୂଚୀ:-
ପୂର୍ବାହ୍ନ ଅଧିବେଶନ (ସକାଳ)
ସ ୭ ଘ ୩୦ ମିନିଟ୍ : ବିଭାଗୀ ମୁଖ୍ୟାଳୟ ସମ୍ମୁଖରେ ପତାକା ଉତ୍ତୋଳନ
ସ ୮ ଘ ୦୦ ମିନିଟ୍ : ସ୍ୱଚ୍ଛତା ଶପଥ ଗ୍ରହଣ ଓ ବୃକ୍ଷରୋପଣ
ସ ୧୦ ଘ ୩୦ ମିନିଟ୍ : ମଧ୍ୟାହ୍ନ ଅଧିବେଶନ
ସାନ୍ଧ୍ୟ ଅଧିବେଶନ
ସ୍ଥାନ : ଜୟଦେବ ଭବନ
ସ ୫ ଘ : ସାଧାରଣ ସଭା
ସ ୬ ଘ : ସାଂସ୍କୃତିକ କାର୍ଯ୍ୟକ୍ରମ ଓ ପୁରସ୍କାର ବିତରଣ
ଆମନ୍ତ୍ରିତ ଅତିଥି ବୃନ୍ଦ
ଶ୍ରୀମତୀ ଅପରାଜିତା ଷଡ଼ଙ୍ଗୀ
ମାନନୀୟା ସାଂସଦ, ଭୁବନେଶ୍ୱର
ଶ୍ରୀଯୁକ୍ତ ଅନନ୍ତ ନାରାୟଣ ଜେନା
ମାନନୀୟ ବିଧାୟକ, ମଧ୍ୟ ଭୁବନେଶ୍ୱର
ଶ୍ରୀଯୁକ୍ତ ସୁଶାନ୍ତ କୁମାର ରାଉତ
ମାନନୀୟ ବିଧାୟକ, ଉତ୍ତର ଭୁବନେଶ୍ୱର
ଶ୍ରୀଯୁକ୍ତ ବାବୁ ସିଂ
ମାନନୀୟ ବିଧାୟକ, ଏକାମ୍ର ଭୁବନେଶ୍ୱର
ଶ୍ରୀଯୁକ୍ତ ବିଭୂତି ଭୂଷଣ ବଳବନ୍ତରାୟ
ମାନନୀୟ ମନ୍ତ୍ରୀ, ଓଡ଼ିଶା
ଶ୍ରୀମତୀ ସୁଲୋଚନା ଦାସ
ମାନନୀୟା ମେୟର, ଭୁବନେଶ୍ୱର ମହାନଗର ନିଗମ
ଶ୍ରୀମତୀ ମଞ୍ଜୁଲତା କହ୍ନର
ମାନନୀୟା ଡେପୁଟି ମେୟର
ସମସ୍ତ କର୍ପୋରେଟର ଓ ନାଗରିକବୃନ୍ଦ
ତା ୩୧-୦୮-୨୦୨୪ ସ ୬ଟା ଜୟଦେବ ଭବନ ସାଂସ୍କୃତିକ କାର୍ଯ୍ୟକ୍ରମ ସତ୍ୟ ଶିବ ସୁନ୍ଦର
ମୁଖ୍ୟ ଅତିଥି
ଡା. କୃଷ୍ଣ ଚନ୍ଦ୍ର ମହାପାତ୍ର
ମାନନୀୟ ମନ୍ତ୍ରୀ, ଗୃହ ଓ ନଗର ଉନ୍ନୟନ ବିଭାଗ, ଓଡ଼ିଶା ସରକାର
ସମ୍ମାନିତ ଅତିଥି ବୃନ୍ଦ
ଶ୍ରୀଯୁକ୍ତ ପୃଥ୍ୱୀରାଜ ହରିଚନ୍ଦନ
ମାନନୀୟ ମନ୍ତ୍ରୀ, ଆଇନ ଓ ପୂର୍ତ୍ତ ବିଭାଗ
ଶ୍ରୀମତୀ ଅପରାଜିତା ଷଡ଼ଙ୍ଗୀ
ମାନନୀୟା ସାଂସଦ, ଭୁବନେଶ୍ୱର
ଶ୍ରୀଯୁକ୍ତ ଅନନ୍ତ ନାରାୟଣ ଜେନା
ମାନନୀୟ ବିଧାୟକ, ମଧ୍ୟ ଭୁବନେଶ୍ୱର
ଶ୍ରୀଯୁକ୍ତ ସୁଶାନ୍ତ କୁମାର ରାଉତ
ମାନନୀୟ ବିଧାୟକ, ଉତ୍ତର ଭୁବନେଶ୍ୱର
ଶ୍ରୀଯୁକ୍ତ ବାବୁ ସିଂ
ମାନନୀୟ ବିଧାୟକ, ଏକାମ୍ର ଭୁବନେଶ୍ୱର
ଶ୍ରୀଯୁକ୍ତ ବିଭୂତି ଭୂଷଣ ବଳବନ୍ତରାୟ
ମାନନୀୟ ବିଧାୟକ, ଜଟଣୀ
ଶ୍ରୀମତୀ ସୁଲୋଚନା ଦାସ
ମାନନୀୟା ମେୟର, ଭୁବନେଶ୍ୱର ମହାନଗର ନିଗମ
ଶ୍ରୀମତୀ ମଞ୍ଜୁଲତା କହ୍ନର
ମାନନୀୟା ଡେପୁଟି ମେୟର, ଭୁବନେଶ୍ୱର ମହାନଗର ନିଗମ
ଶ୍ରୀଯୁକ୍ତ ବିଜୟ କୁମାର ରାଉତ
ଅଧ୍ୟକ୍ଷ, ସ୍ଥାୟୀ କମିଟି, ଭୁବନେଶ୍ୱର ମହାନଗର ନିଗମ
କମିଶନର, ଭୁବନେଶ୍ୱର ମହାନଗର ନିଗମ	OIPR-13002/13/0063/2425	ମେୟର, ଭୁବନେଶ୍ୱର ମହାନଗର ନିଗମ
